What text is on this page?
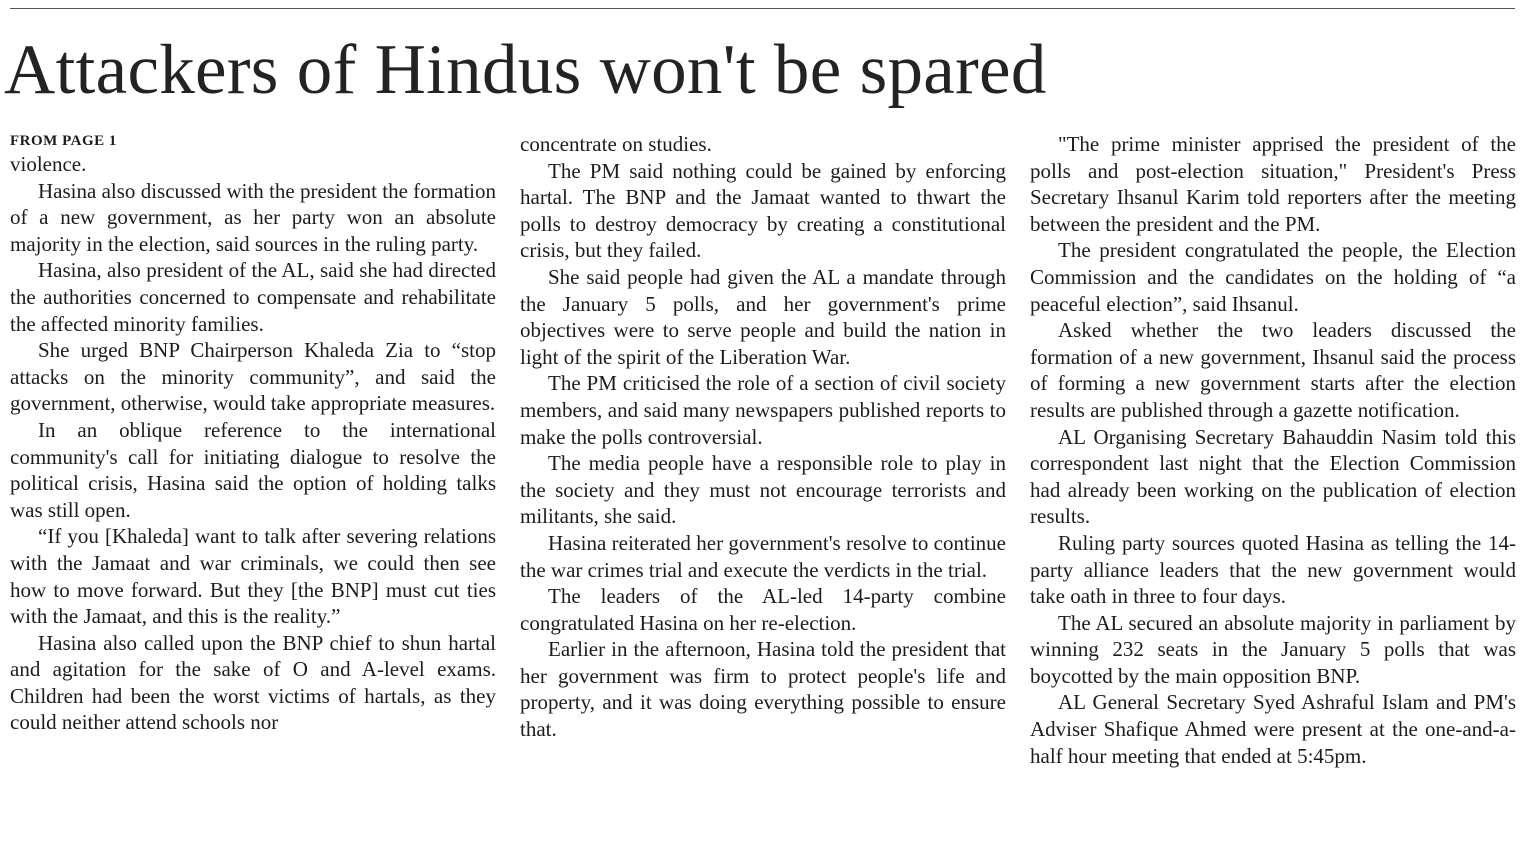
Attackers of Hindus won't be spared
FROM PAGE 1

violence.

Hasina also discussed with the president the formation of a new government, as her party won an absolute majority in the election, said sources in the ruling party.

Hasina, also president of the AL, said she had directed the authorities concerned to compensate and rehabilitate the affected minority families.

She urged BNP Chairperson Khaleda Zia to “stop attacks on the minority community”, and said the government, otherwise, would take appropriate measures.

In an oblique reference to the international community's call for initiating dialogue to resolve the political crisis, Hasina said the option of holding talks was still open.

“If you [Khaleda] want to talk after severing relations with the Jamaat and war criminals, we could then see how to move forward. But they [the BNP] must cut ties with the Jamaat, and this is the reality.”

Hasina also called upon the BNP chief to shun hartal and agitation for the sake of O and A-level exams. Children had been the worst victims of hartals, as they could neither attend schools nor

concentrate on studies.

The PM said nothing could be gained by enforcing hartal. The BNP and the Jamaat wanted to thwart the polls to destroy democracy by creating a constitutional crisis, but they failed.

She said people had given the AL a mandate through the January 5 polls, and her government's prime objectives were to serve people and build the nation in light of the spirit of the Liberation War.

The PM criticised the role of a section of civil society members, and said many newspapers published reports to make the polls controversial.

The media people have a responsible role to play in the society and they must not encourage terrorists and militants, she said.

Hasina reiterated her government's resolve to continue the war crimes trial and execute the verdicts in the trial.

The leaders of the AL-led 14-party combine congratulated Hasina on her re-election.

Earlier in the afternoon, Hasina told the president that her government was firm to protect people's life and property, and it was doing everything possible to ensure that.

"The prime minister apprised the president of the polls and post-election situation," President's Press Secretary Ihsanul Karim told reporters after the meeting between the president and the PM.

The president congratulated the people, the Election Commission and the candidates on the holding of “a peaceful election”, said Ihsanul.

Asked whether the two leaders discussed the formation of a new government, Ihsanul said the process of forming a new government starts after the election results are published through a gazette notification.

AL Organising Secretary Bahauddin Nasim told this correspondent last night that the Election Commission had already been working on the publication of election results.

Ruling party sources quoted Hasina as telling the 14-party alliance leaders that the new government would take oath in three to four days.

The AL secured an absolute majority in parliament by winning 232 seats in the January 5 polls that was boycotted by the main opposition BNP.

AL General Secretary Syed Ashraful Islam and PM's Adviser Shafique Ahmed were present at the one-and-a-half hour meeting that ended at 5:45pm.
